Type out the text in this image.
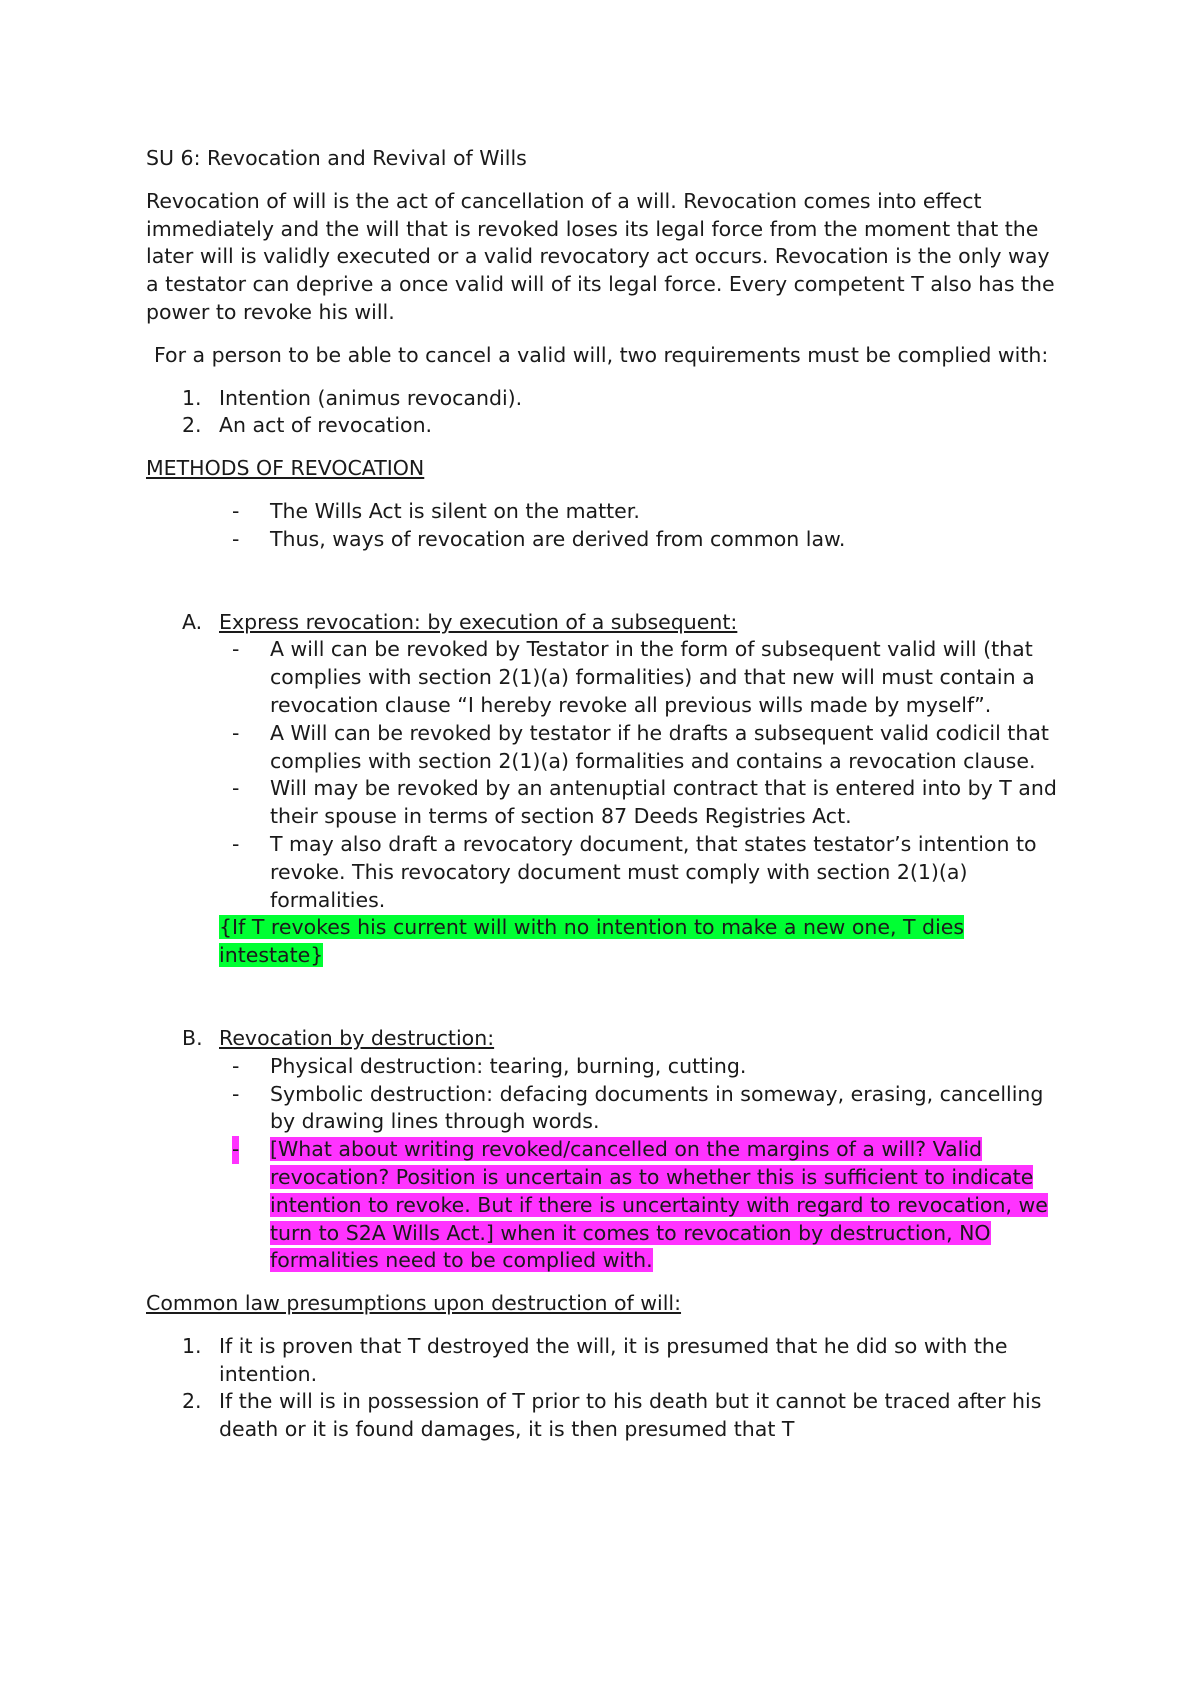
SU 6: Revocation and Revival of Wills

Revocation of will is the act of cancellation of a will. Revocation comes into effect immediately and the will that is revoked loses its legal force from the moment that the later will is validly executed or a valid revocatory act occurs. Revocation is the only way a testator can deprive a once valid will of its legal force. Every competent T also has the power to revoke his will.

For a person to be able to cancel a valid will, two requirements must be complied with:

1. Intention (animus revocandi).
2. An act of revocation.

METHODS OF REVOCATION

- The Wills Act is silent on the matter.
- Thus, ways of revocation are derived from common law.
A. Express revocation: by execution of a subsequent:
- A will can be revoked by Testator in the form of subsequent valid will (that complies with section 2(1)(a) formalities) and that new will must contain a revocation clause “I hereby revoke all previous wills made by myself”.
- A Will can be revoked by testator if he drafts a subsequent valid codicil that complies with section 2(1)(a) formalities and contains a revocation clause.
- Will may be revoked by an antenuptial contract that is entered into by T and their spouse in terms of section 87 Deeds Registries Act.
- T may also draft a revocatory document, that states testator’s intention to revoke. This revocatory document must comply with section 2(1)(a) formalities.

{If T revokes his current will with no intention to make a new one, T dies intestate}

B. Revocation by destruction:
- Physical destruction: tearing, burning, cutting.
- Symbolic destruction: defacing documents in someway, erasing, cancelling by drawing lines through words.
- [What about writing revoked/cancelled on the margins of a will? Valid revocation? Position is uncertain as to whether this is sufficient to indicate intention to revoke. But if there is uncertainty with regard to revocation, we turn to S2A Wills Act.] when it comes to revocation by destruction, NO formalities need to be complied with.

Common law presumptions upon destruction of will:

1. If it is proven that T destroyed the will, it is presumed that he did so with the intention.
2. If the will is in possession of T prior to his death but it cannot be traced after his death or it is found damages, it is then presumed that T
